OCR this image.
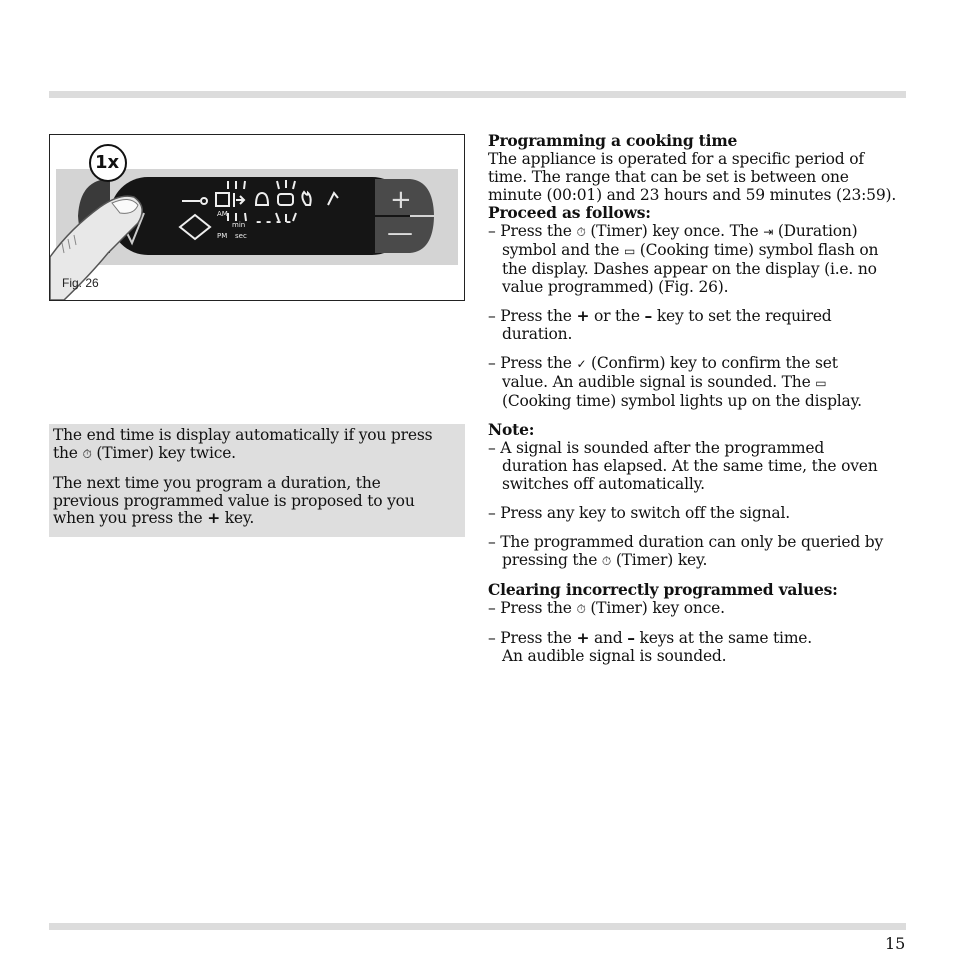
+
—
1x
AM
min
PM sec
- - - -
Fig. 26

The end time is display automatically if you press
the ⏱ (Timer) key twice.

The next time you program a duration, the
previous programmed value is proposed to you
when you press the + key.

Programming a cooking time

The appliance is operated for a specific period of
time. The range that can be set is between one
minute (00:01) and 23 hours and 59 minutes (23:59).

Proceed as follows:

– Press the ⏱ (Timer) key once. The ⇥ (Duration)
symbol and the ▭ (Cooking time) symbol flash on
the display. Dashes appear on the display (i.e. no
value programmed) (Fig. 26).

– Press the + or the – key to set the required
duration.

– Press the ✓ (Confirm) key to confirm the set
value. An audible signal is sounded. The ▭
(Cooking time) symbol lights up on the display.

Note:

– A signal is sounded after the programmed
duration has elapsed. At the same time, the oven
switches off automatically.

– Press any key to switch off the signal.

– The programmed duration can only be queried by
pressing the ⏱ (Timer) key.

Clearing incorrectly programmed values:

– Press the ⏱ (Timer) key once.

– Press the + and – keys at the same time.
An audible signal is sounded.

15
